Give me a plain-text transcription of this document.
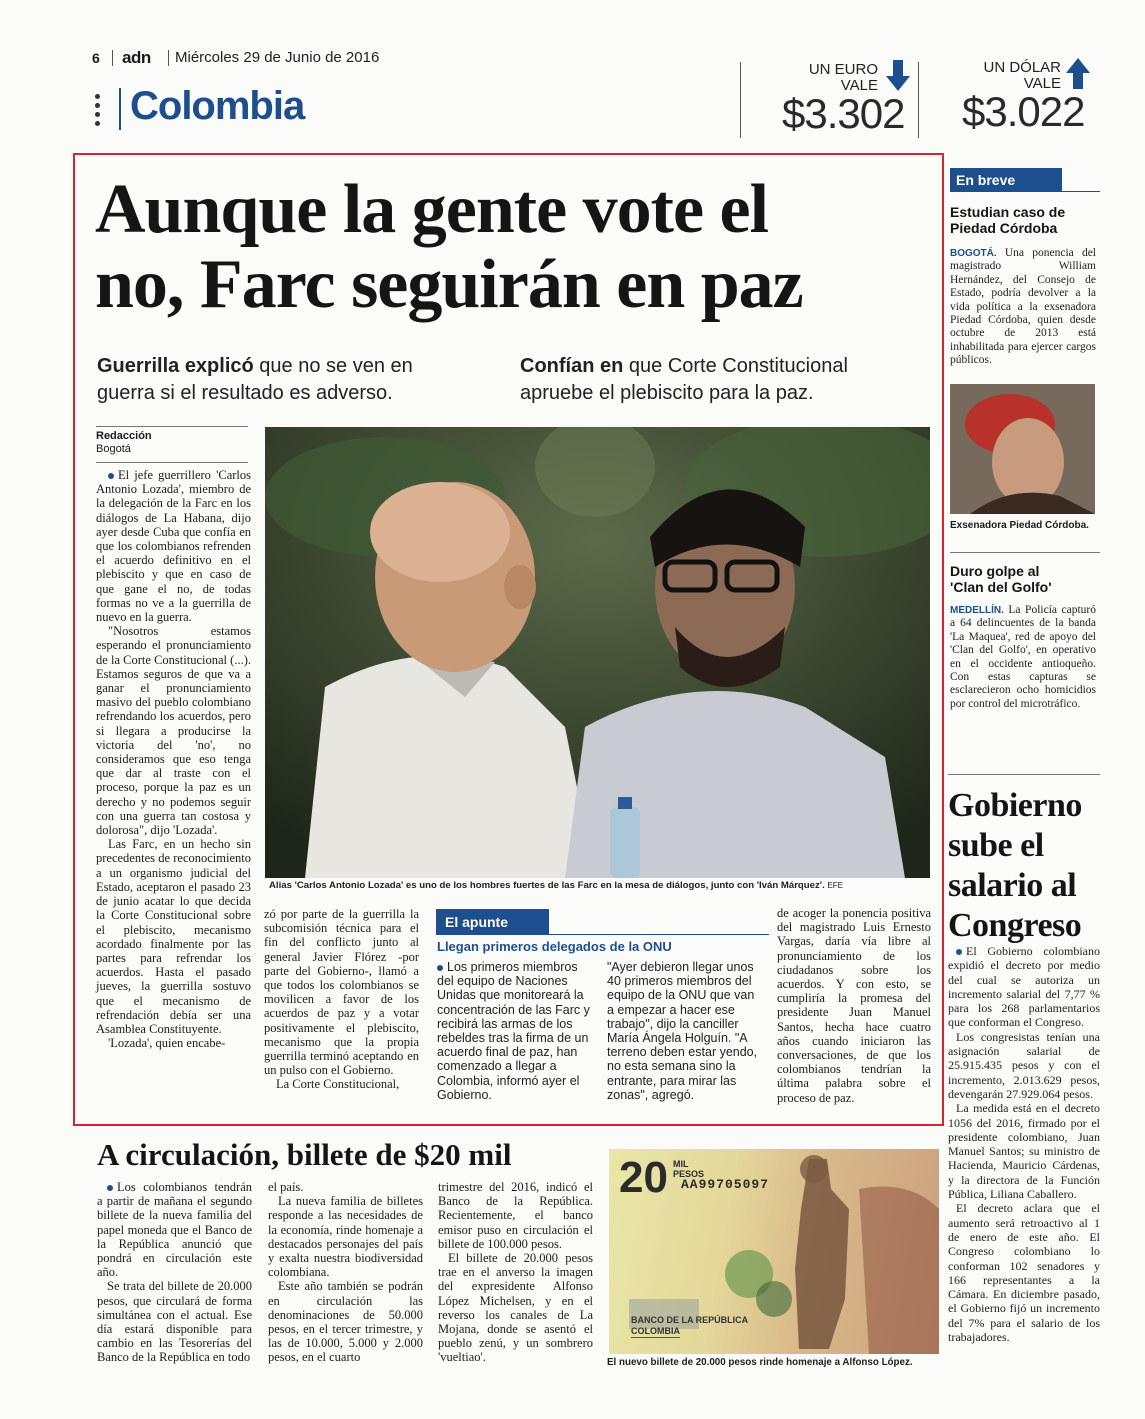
6 adn Miércoles 29 de Junio de 2016
Colombia
UN EURO
VALE
$3.302
UN DÓLAR
VALE
$3.022
Aunque la gente vote el
no, Farc seguirán en paz
Guerrilla explicó que no se ven en
guerra si el resultado es adverso.
Confían en que Corte Constitucional
apruebe el plebiscito para la paz.
Redacción
Bogotá

El jefe guerrillero 'Carlos Antonio Lozada', miembro de la delegación de la Farc en los diálogos de La Habana, dijo ayer desde Cuba que confía en que los colombianos refrenden el acuerdo definitivo en el plebiscito y que en caso de que gane el no, de todas formas no ve a la guerrilla de nuevo en la guerra.

"Nosotros estamos esperando el pronunciamiento de la Corte Constitucional (...). Estamos seguros de que va a ganar el pronunciamiento masivo del pueblo colombiano refrendando los acuerdos, pero si llegara a producirse la victoria del 'no', no consideramos que eso tenga que dar al traste con el proceso, porque la paz es un derecho y no podemos seguir con una guerra tan costosa y dolorosa", dijo 'Lozada'.

Las Farc, en un hecho sin precedentes de reconocimiento a un organismo judicial del Estado, aceptaron el pasado 23 de junio acatar lo que decida la Corte Constitucional sobre el plebiscito, mecanismo acordado finalmente por las partes para refrendar los acuerdos. Hasta el pasado jueves, la guerrilla sostuvo que el mecanismo de refrendación debía ser una Asamblea Constituyente.

'Lozada', quien encabe-

Alias 'Carlos Antonio Lozada' es uno de los hombres fuertes de las Farc en la mesa de diálogos, junto con 'Iván Márquez'. EFE

zó por parte de la guerrilla la subcomisión técnica para el fin del conflicto junto al general Javier Flórez -por parte del Gobierno-, llamó a que todos los colombianos se movilicen a favor de los acuerdos de paz y a votar positivamente el plebiscito, mecanismo que la propia guerrilla terminó aceptando en un pulso con el Gobierno.

La Corte Constitucional,

El apunte
Llegan primeros delegados de la ONU

Los primeros miembros del equipo de Naciones Unidas que monitoreará la concentración de las Farc y recibirá las armas de los rebeldes tras la firma de un acuerdo final de paz, han comenzado a llegar a Colombia, informó ayer el Gobierno.

"Ayer debieron llegar unos 40 primeros miembros del equipo de la ONU que van a empezar a hacer ese trabajo", dijo la canciller María Ángela Holguín. "A terreno deben estar yendo, no esta semana sino la entrante, para mirar las zonas", agregó.

de acoger la ponencia positiva del magistrado Luis Ernesto Vargas, daría vía libre al pronunciamiento de los ciudadanos sobre los acuerdos. Y con esto, se cumpliría la promesa del presidente Juan Manuel Santos, hecha hace cuatro años cuando iniciaron las conversaciones, de que los colombianos tendrían la última palabra sobre el proceso de paz.

En breve
Estudian caso de
Piedad Córdoba
BOGOTÁ. Una ponencia del magistrado William Hernández, del Consejo de Estado, podría devolver a la vida política a la exsenadora Piedad Córdoba, quien desde octubre de 2013 está inhabilitada para ejercer cargos públicos.
Exsenadora Piedad Córdoba.
Duro golpe al
'Clan del Golfo'
MEDELLÍN. La Policía capturó a 64 delincuentes de la banda 'La Maquea', red de apoyo del 'Clan del Golfo', en operativo en el occidente antioqueño. Con estas capturas se esclarecieron ocho homicidios por control del microtráfico.
Gobierno
sube el
salario al
Congreso

El Gobierno colombiano expidió el decreto por medio del cual se autoriza un incremento salarial del 7,77 % para los 268 parlamentarios que conforman el Congreso.

Los congresistas tenían una asignación salarial de 25.915.435 pesos y con el incremento, 2.013.629 pesos, devengarán 27.929.064 pesos.

La medida está en el decreto 1056 del 2016, firmado por el presidente colombiano, Juan Manuel Santos; su ministro de Hacienda, Mauricio Cárdenas, y la directora de la Función Pública, Liliana Caballero.

El decreto aclara que el aumento será retroactivo al 1 de enero de este año. El Congreso colombiano lo conforman 102 senadores y 166 representantes a la Cámara. En diciembre pasado, el Gobierno fijó un incremento del 7% para el salario de los trabajadores.

A circulación, billete de $20 mil

Los colombianos tendrán a partir de mañana el segundo billete de la nueva familia del papel moneda que el Banco de la República anunció que pondrá en circulación este año.

Se trata del billete de 20.000 pesos, que circulará de forma simultánea con el actual. Ese día estará disponible para cambio en las Tesorerías del Banco de la República en todo

el país.

La nueva familia de billetes responde a las necesidades de la economía, rinde homenaje a destacados personajes del país y exalta nuestra biodiversidad colombiana.

Este año también se podrán en circulación las denominaciones de 50.000 pesos, en el tercer trimestre, y las de 10.000, 5.000 y 2.000 pesos, en el cuarto

trimestre del 2016, indicó el Banco de la República. Recientemente, el banco emisor puso en circulación el billete de 100.000 pesos.

El billete de 20.000 pesos trae en el anverso la imagen del expresidente Alfonso López Michelsen, y en el reverso los canales de La Mojana, donde se asentó el pueblo zenú, y un sombrero 'vueltiao'.

20 MIL
PESOS
AA99705097
BANCO DE LA REPÚBLICA
COLOMBIA
El nuevo billete de 20.000 pesos rinde homenaje a Alfonso López.
